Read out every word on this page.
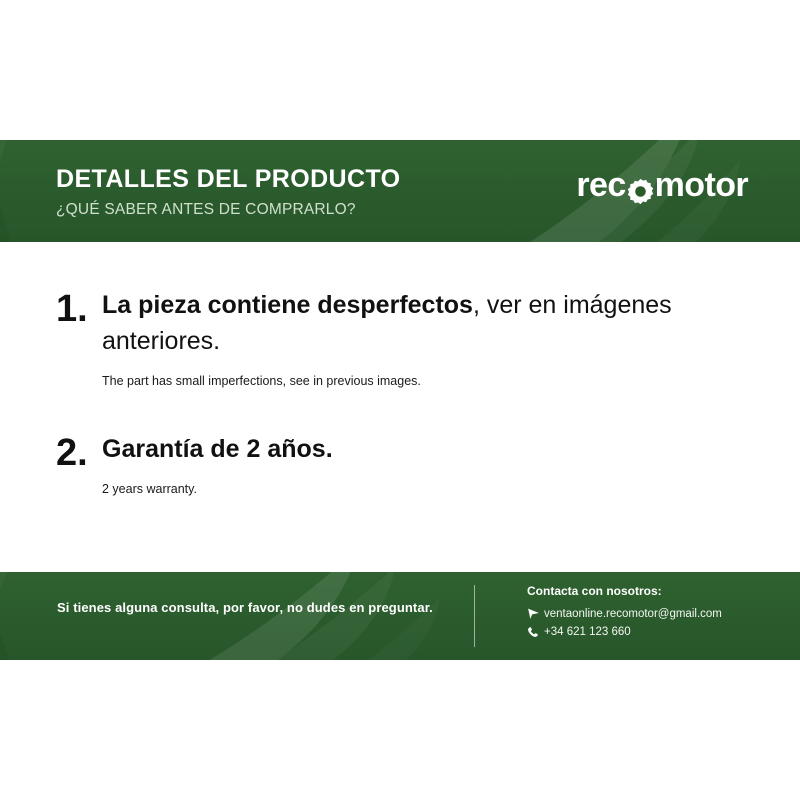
DETALLES DEL PRODUCTO
¿QUÉ SABER ANTES DE COMPRARLO?
rec motor
1. La pieza contiene desperfectos, ver en imágenes anteriores.

The part has small imperfections, see in previous images.

2. Garantía de 2 años.

2 years warranty.

Si tienes alguna consulta, por favor, no dudes en preguntar.
Contacta con nosotros:
ventaonline.recomotor@gmail.com
+34 621 123 660
